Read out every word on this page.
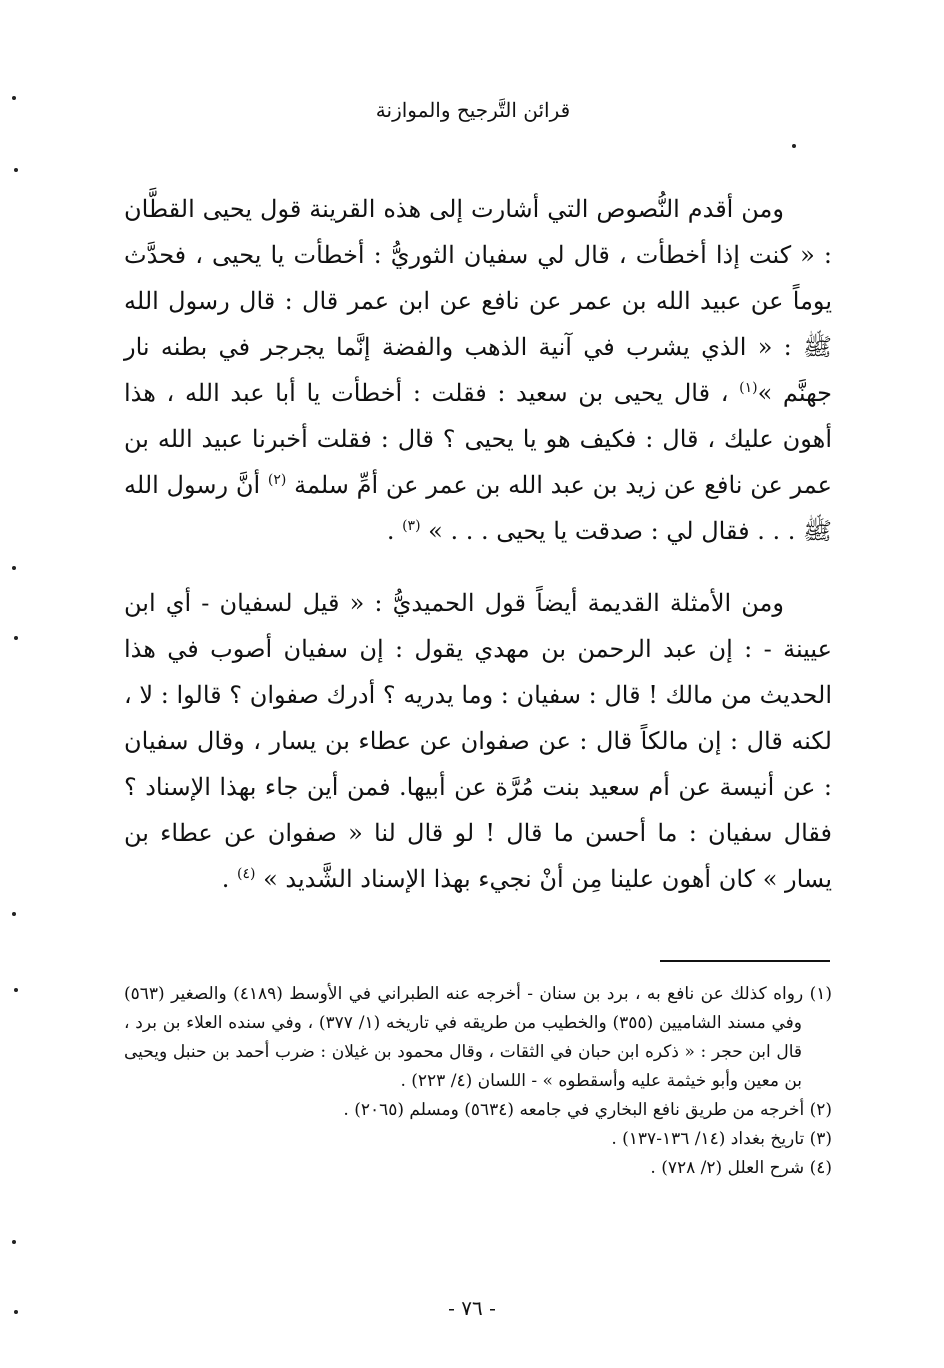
قرائن التَّرجيح والموازنة

ومن أقدم النُّصوص التي أشارت إلى هذه القرينة قول يحيى القطَّان : « كنت إذا أخطأت ، قال لي سفيان الثوريُّ : أخطأت يا يحيى ، فحدَّث يوماً عن عبيد الله بن عمر عن نافع عن ابن عمر قال : قال رسول الله ﷺ : « الذي يشرب في آنية الذهب والفضة إنَّما يجرجر في بطنه نار جهنَّم »$^{(١)}$ ، قال يحيى بن سعيد : فقلت : أخطأت يا أبا عبد الله ، هذا أهون عليك ، قال : فكيف هو يا يحيى ؟ قال : فقلت أخبرنا عبيد الله بن عمر عن نافع عن زيد بن عبد الله بن عمر عن أمِّ سلمة $^{(٢)}$ أنَّ رسول الله ﷺ . . . فقال لي : صدقت يا يحيى . . . » $^{(٣)}$ .

ومن الأمثلة القديمة أيضاً قول الحميديُّ : « قيل لسفيان - أي ابن عيينة - : إن عبد الرحمن بن مهدي يقول : إن سفيان أصوب في هذا الحديث من مالك ! قال : سفيان : وما يدريه ؟ أدرك صفوان ؟ قالوا : لا ، لكنه قال : إن مالكاً قال : عن صفوان عن عطاء بن يسار ، وقال سفيان : عن أنيسة عن أم سعيد بنت مُرَّة عن أبيها. فمن أين جاء بهذا الإسناد ؟ فقال سفيان : ما أحسن ما قال ! لو قال لنا « صفوان عن عطاء بن يسار » كان أهون علينا مِن أنْ نجيء بهذا الإسناد الشَّديد » $^{(٤)}$ .

(١) رواه كذلك عن نافع به ، برد بن سنان - أخرجه عنه الطبراني في الأوسط (٤١٨٩) والصغير (٥٦٣) وفي مسند الشاميين (٣٥٥) والخطيب من طريقه في تاريخه (١/ ٣٧٧) ، وفي سنده العلاء بن برد ، قال ابن حجر : « ذكره ابن حبان في الثقات ، وقال محمود بن غيلان : ضرب أحمد بن حنبل ويحيى بن معين وأبو خيثمة عليه وأسقطوه » - اللسان (٤/ ٢٢٣) .

(٢) أخرجه من طريق نافع البخاري في جامعه (٥٦٣٤) ومسلم (٢٠٦٥) .

(٣) تاريخ بغداد (١٤/ ١٣٦-١٣٧) .

(٤) شرح العلل (٢/ ٧٢٨) .

- ٧٦ -
